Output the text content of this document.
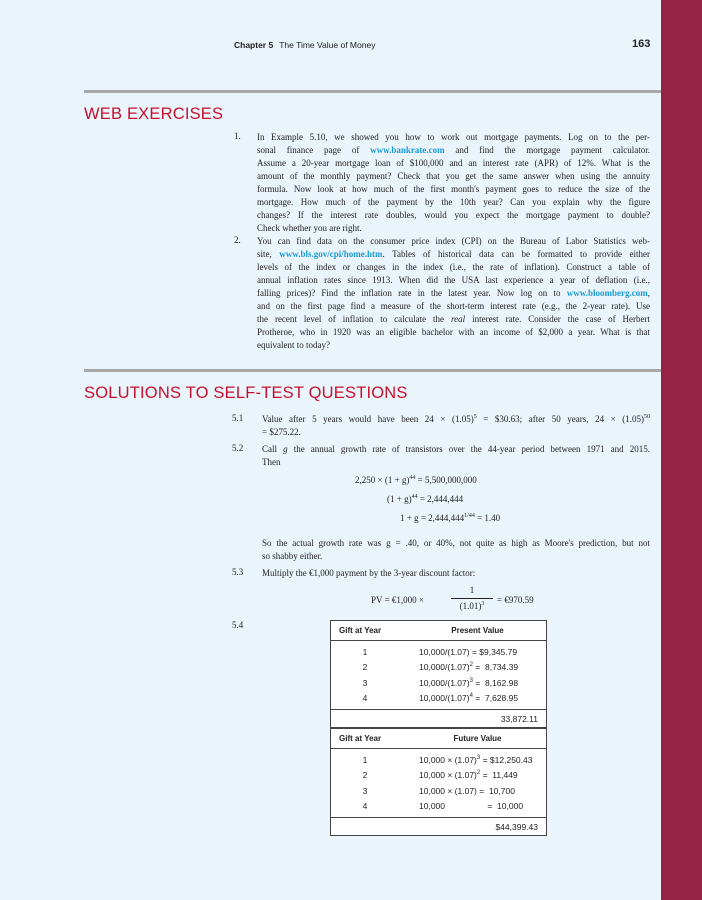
Chapter 5 The Time Value of Money	163
WEB EXERCISES
1. In Example 5.10, we showed you how to work out mortgage payments. Log on to the per-
sonal finance page of www.bankrate.com and find the mortgage payment calculator.
Assume a 20-year mortgage loan of $100,000 and an interest rate (APR) of 12%. What is the
amount of the monthly payment? Check that you get the same answer when using the annuity
formula. Now look at how much of the first month's payment goes to reduce the size of the
mortgage. How much of the payment by the 10th year? Can you explain why the figure
changes? If the interest rate doubles, would you expect the mortgage payment to double?
Check whether you are right.
2. You can find data on the consumer price index (CPI) on the Bureau of Labor Statistics web-
site, www.bls.gov/cpi/home.htm. Tables of historical data can be formatted to provide either
levels of the index or changes in the index (i.e., the rate of inflation). Construct a table of
annual inflation rates since 1913. When did the USA last experience a year of deflation (i.e.,
falling prices)? Find the inflation rate in the latest year. Now log on to www.bloomberg.com,
and on the first page find a measure of the short-term interest rate (e.g., the 2-year rate). Use
the recent level of inflation to calculate the real interest rate. Consider the case of Herbert
Protheroe, who in 1920 was an eligible bachelor with an income of $2,000 a year. What is that
equivalent to today?
SOLUTIONS TO SELF-TEST QUESTIONS
5.1 Value after 5 years would have been $24 \times (1.05)^5$ = $30.63; after 50 years, $24 \times (1.05)^{50}$
= $275.22.
5.2 Call g the annual growth rate of transistors over the 44-year period between 1971 and 2015.
Then
$2,250 \times (1 + g)^{44} = 5,500,000,000$
$(1 + g)^{44} = 2,444,444$
$1 + g = 2,444,444^{1/44} = 1.40$
So the actual growth rate was g = .40, or 40%, not quite as high as Moore's prediction, but not
so shabby either.
5.3 Multiply the €1,000 payment by the 3-year discount factor:
PV = €1,000 ×
1
$(1.01)^3$	= €970.59
5.4
Gift at Year	Present Value
1	10,000/(1.07) = $9,345.79
2	$10,000/(1.07)^2 = 8,734.39$
3	$10,000/(1.07)^3 = 8,162.98$
4	$10,000/(1.07)^4 = 7,628.95$
33,872.11
Gift at Year	Future Value
1	$10,000 \times (1.07)^3$ = $12,250.43
2	$10,000 \times (1.07)^2 = 11,449$
3	10,000 × (1.07) =  10,700
4	10,000	=  10,000
$44,399.43
